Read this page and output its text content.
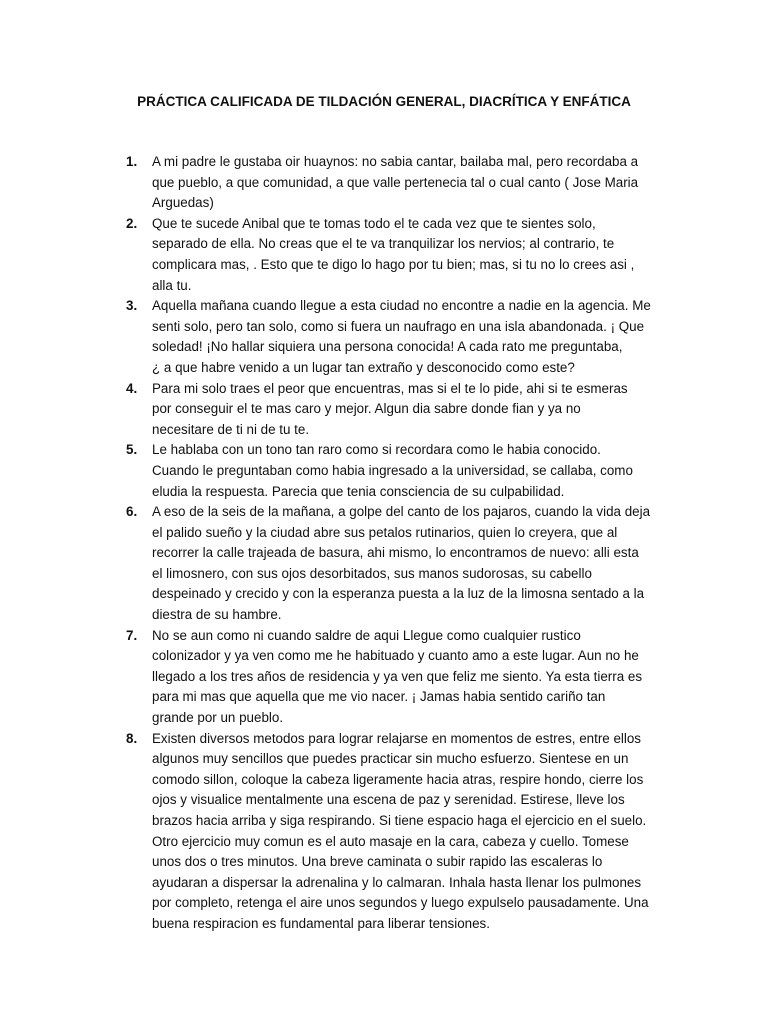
PRÁCTICA CALIFICADA DE TILDACIÓN GENERAL, DIACRÍTICA Y ENFÁTICA
1.	A mi padre le gustaba oir huaynos: no sabia cantar, bailaba mal, pero recordaba a
que pueblo, a que comunidad, a que valle pertenecia tal o cual canto ( Jose Maria
Arguedas)
2.	Que te sucede Anibal que te tomas todo el te cada vez que te sientes solo,
separado de ella. No creas que el te va tranquilizar los nervios; al contrario, te
complicara mas, . Esto que te digo lo hago por tu bien; mas, si tu no lo crees asi ,
alla tu.
3.	Aquella mañana cuando llegue a esta ciudad no encontre a nadie en la agencia. Me
senti solo, pero tan solo, como si fuera un naufrago en una isla abandonada. ¡ Que
soledad! ¡No hallar siquiera una persona conocida! A cada rato me preguntaba,
¿ a que habre venido a un lugar tan extraño y desconocido como este?
4.	Para mi solo traes el peor que encuentras, mas si el te lo pide, ahi si te esmeras
por conseguir el te mas caro y mejor. Algun dia sabre donde fian y ya no
necesitare de ti ni de tu te.
5.	Le hablaba con un tono tan raro como si recordara como le habia conocido.
Cuando le preguntaban como habia ingresado a la universidad, se callaba, como
eludia la respuesta. Parecia que tenia consciencia de su culpabilidad.
6.	A eso de la seis de la mañana, a golpe del canto de los pajaros, cuando la vida deja
el palido sueño y la ciudad abre sus petalos rutinarios, quien lo creyera, que al
recorrer la calle trajeada de basura, ahi mismo, lo encontramos de nuevo: alli esta
el limosnero, con sus ojos desorbitados, sus manos sudorosas, su cabello
despeinado y crecido y con la esperanza puesta a la luz de la limosna sentado a la
diestra de su hambre.
7.	No se aun como ni cuando saldre de aqui Llegue como cualquier rustico
colonizador y ya ven como me he habituado y cuanto amo a este lugar. Aun no he
llegado a los tres años de residencia y ya ven que feliz me siento. Ya esta tierra es
para mi mas que aquella que me vio nacer. ¡ Jamas habia sentido cariño tan
grande por un pueblo.
8.	Existen diversos metodos para lograr relajarse en momentos de estres, entre ellos
algunos muy sencillos que puedes practicar sin mucho esfuerzo. Sientese en un
comodo sillon, coloque la cabeza ligeramente hacia atras, respire hondo, cierre los
ojos y visualice mentalmente una escena de paz y serenidad. Estirese, lleve los
brazos hacia arriba y siga respirando. Si tiene espacio haga el ejercicio en el suelo.
Otro ejercicio muy comun es el auto masaje en la cara, cabeza y cuello. Tomese
unos dos o tres minutos. Una breve caminata o subir rapido las escaleras lo
ayudaran a dispersar la adrenalina y lo calmaran. Inhala hasta llenar los pulmones
por completo, retenga el aire unos segundos y luego expulselo pausadamente. Una
buena respiracion es fundamental para liberar tensiones.
